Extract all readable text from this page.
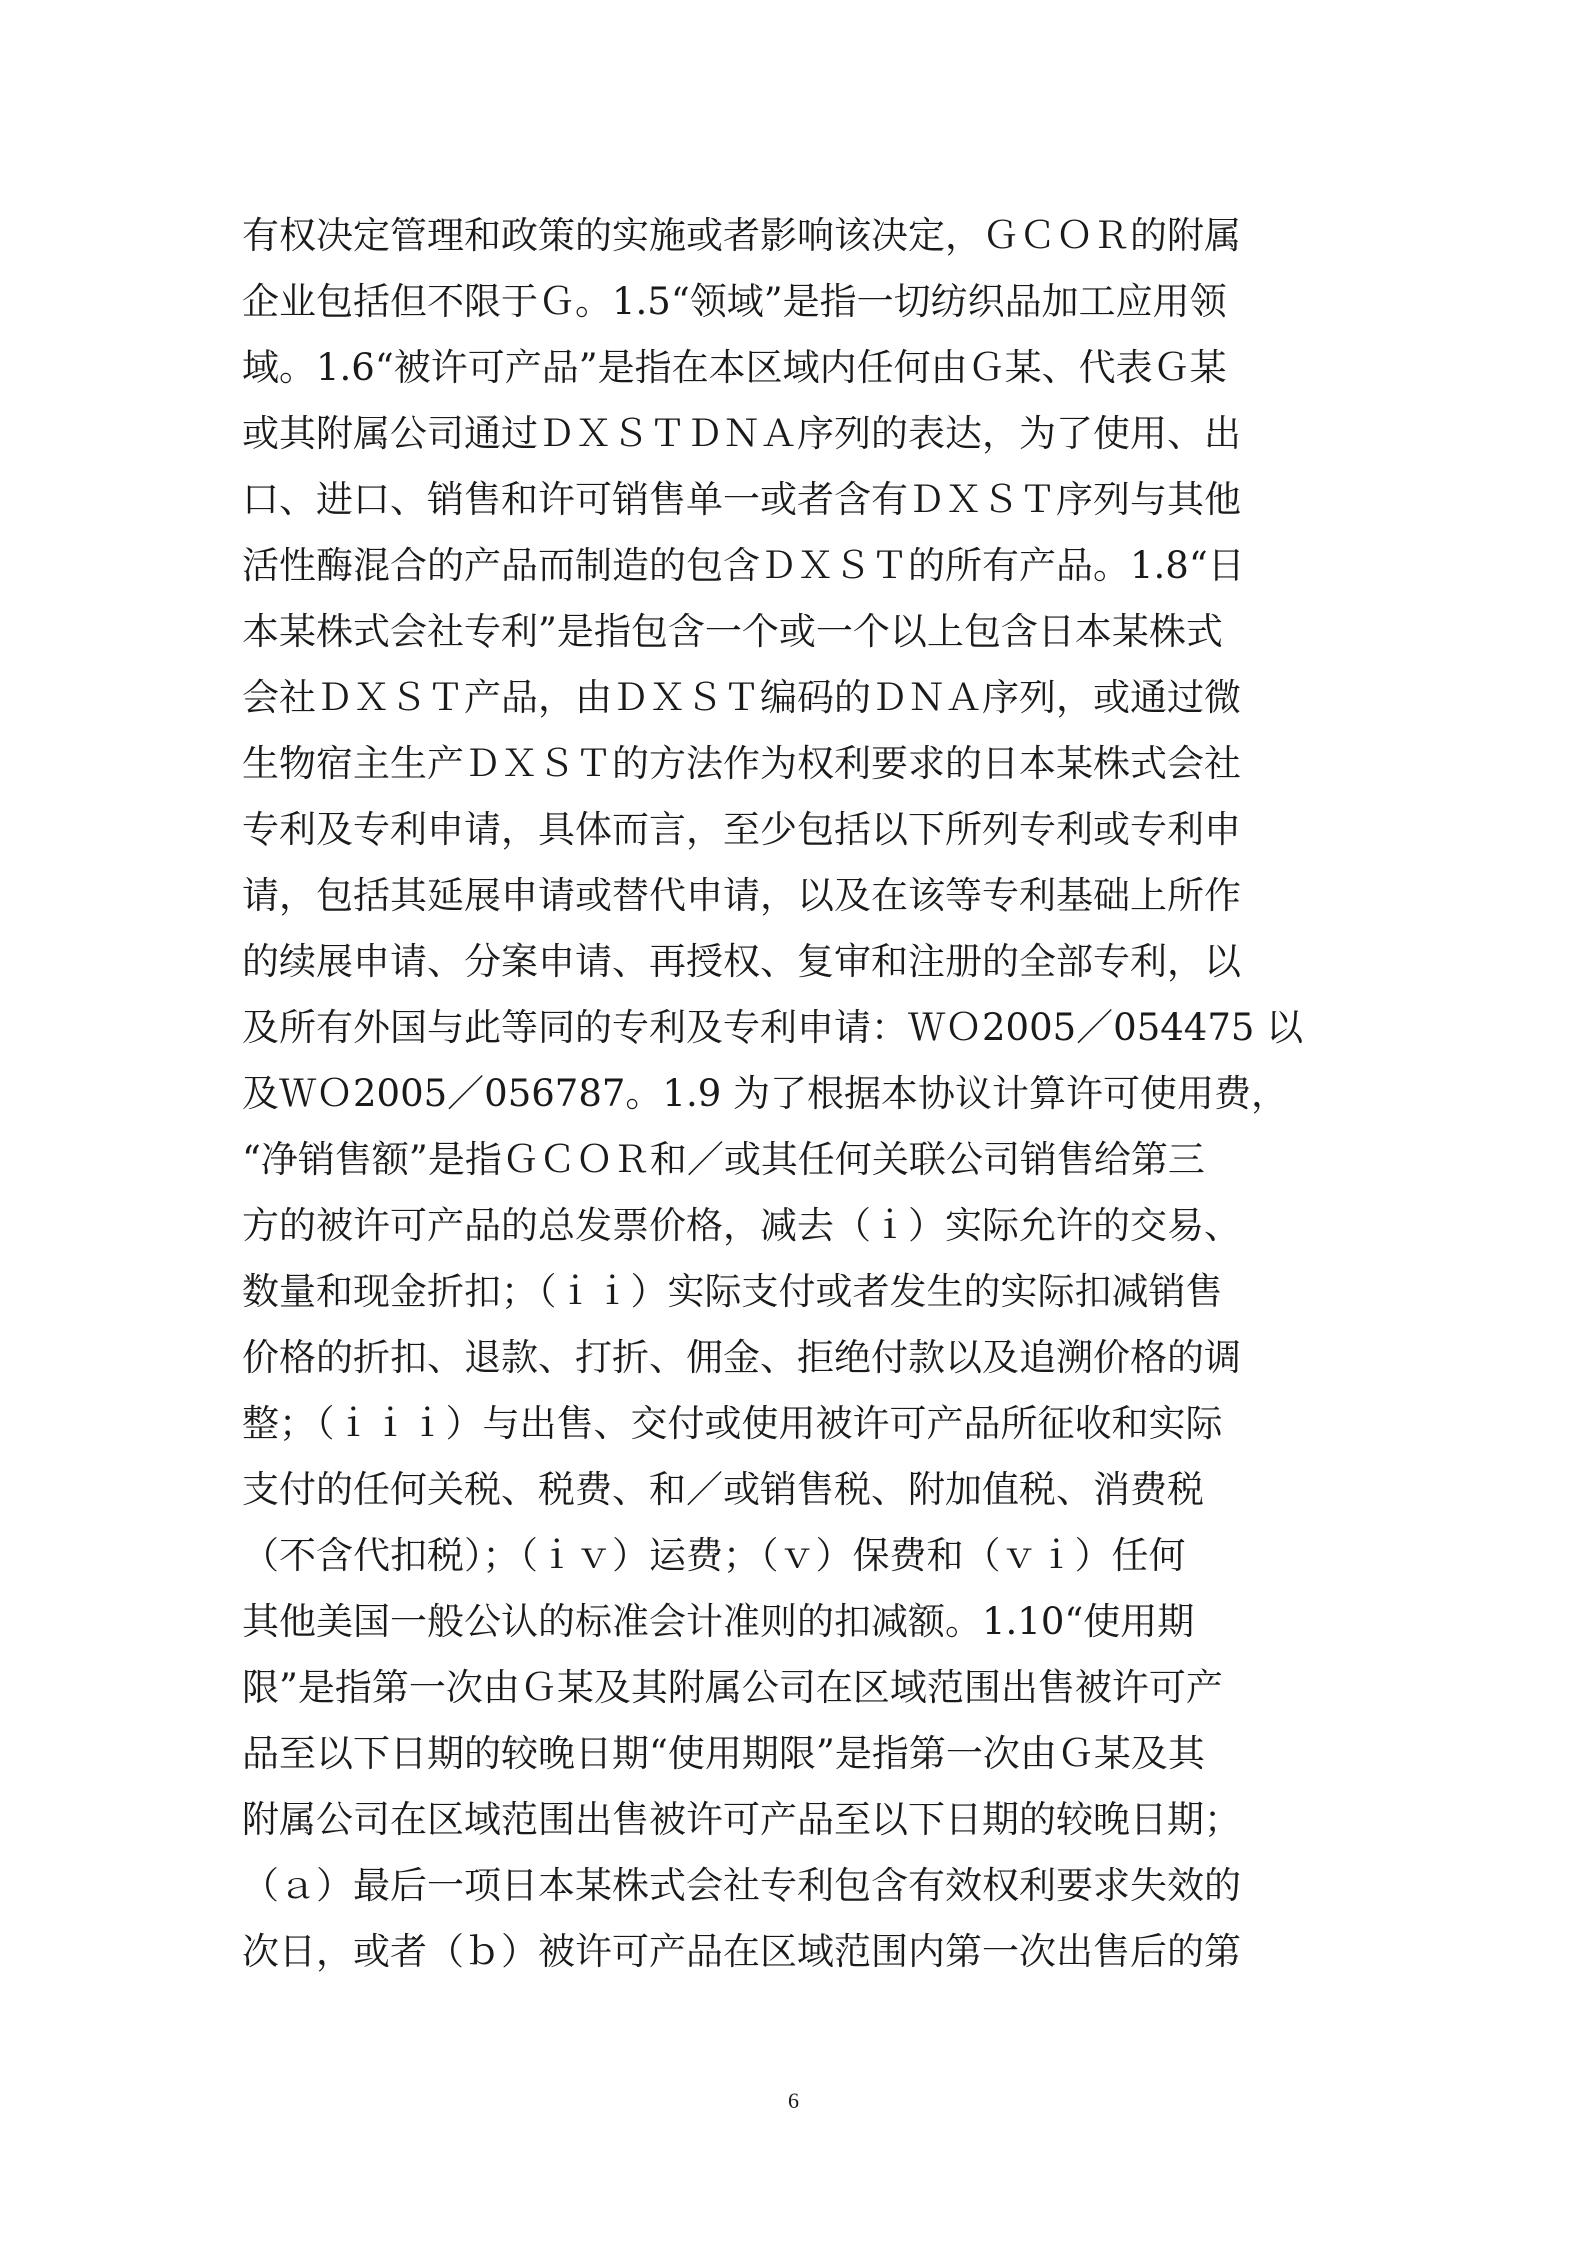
有权决定管理和政策的实施或者影响该决定，ＧＣＯＲ的附属
企业包括但不限于Ｇ。1.5“领域”是指一切纺织品加工应用领
域。1.6“被许可产品”是指在本区域内任何由Ｇ某、代表Ｇ某
或其附属公司通过ＤＸＳＴＤＮＡ序列的表达，为了使用、出
口、进口、销售和许可销售单一或者含有ＤＸＳＴ序列与其他
活性酶混合的产品而制造的包含ＤＸＳＴ的所有产品。1.8“日
本某株式会社专利”是指包含一个或一个以上包含日本某株式
会社ＤＸＳＴ产品，由ＤＸＳＴ编码的ＤＮＡ序列，或通过微
生物宿主生产ＤＸＳＴ的方法作为权利要求的日本某株式会社
专利及专利申请，具体而言，至少包括以下所列专利或专利申
请，包括其延展申请或替代申请，以及在该等专利基础上所作
的续展申请、分案申请、再授权、复审和注册的全部专利，以
及所有外国与此等同的专利及专利申请：ＷＯ2005／054475 以
及ＷＯ2005／056787。1.9 为了根据本协议计算许可使用费，
“净销售额”是指ＧＣＯＲ和／或其任何关联公司销售给第三
方的被许可产品的总发票价格，减去（ｉ）实际允许的交易、
数量和现金折扣；（ｉｉ）实际支付或者发生的实际扣减销售
价格的折扣、退款、打折、佣金、拒绝付款以及追溯价格的调
整；（ｉｉｉ）与出售、交付或使用被许可产品所征收和实际
支付的任何关税、税费、和／或销售税、附加值税、消费税
（不含代扣税）；（ｉｖ）运费；（ｖ）保费和（ｖｉ）任何
其他美国一般公认的标准会计准则的扣减额。1.10“使用期
限”是指第一次由Ｇ某及其附属公司在区域范围出售被许可产
品至以下日期的较晚日期“使用期限”是指第一次由Ｇ某及其
附属公司在区域范围出售被许可产品至以下日期的较晚日期；
（ａ）最后一项日本某株式会社专利包含有效权利要求失效的
次日，或者（ｂ）被许可产品在区域范围内第一次出售后的第
6
